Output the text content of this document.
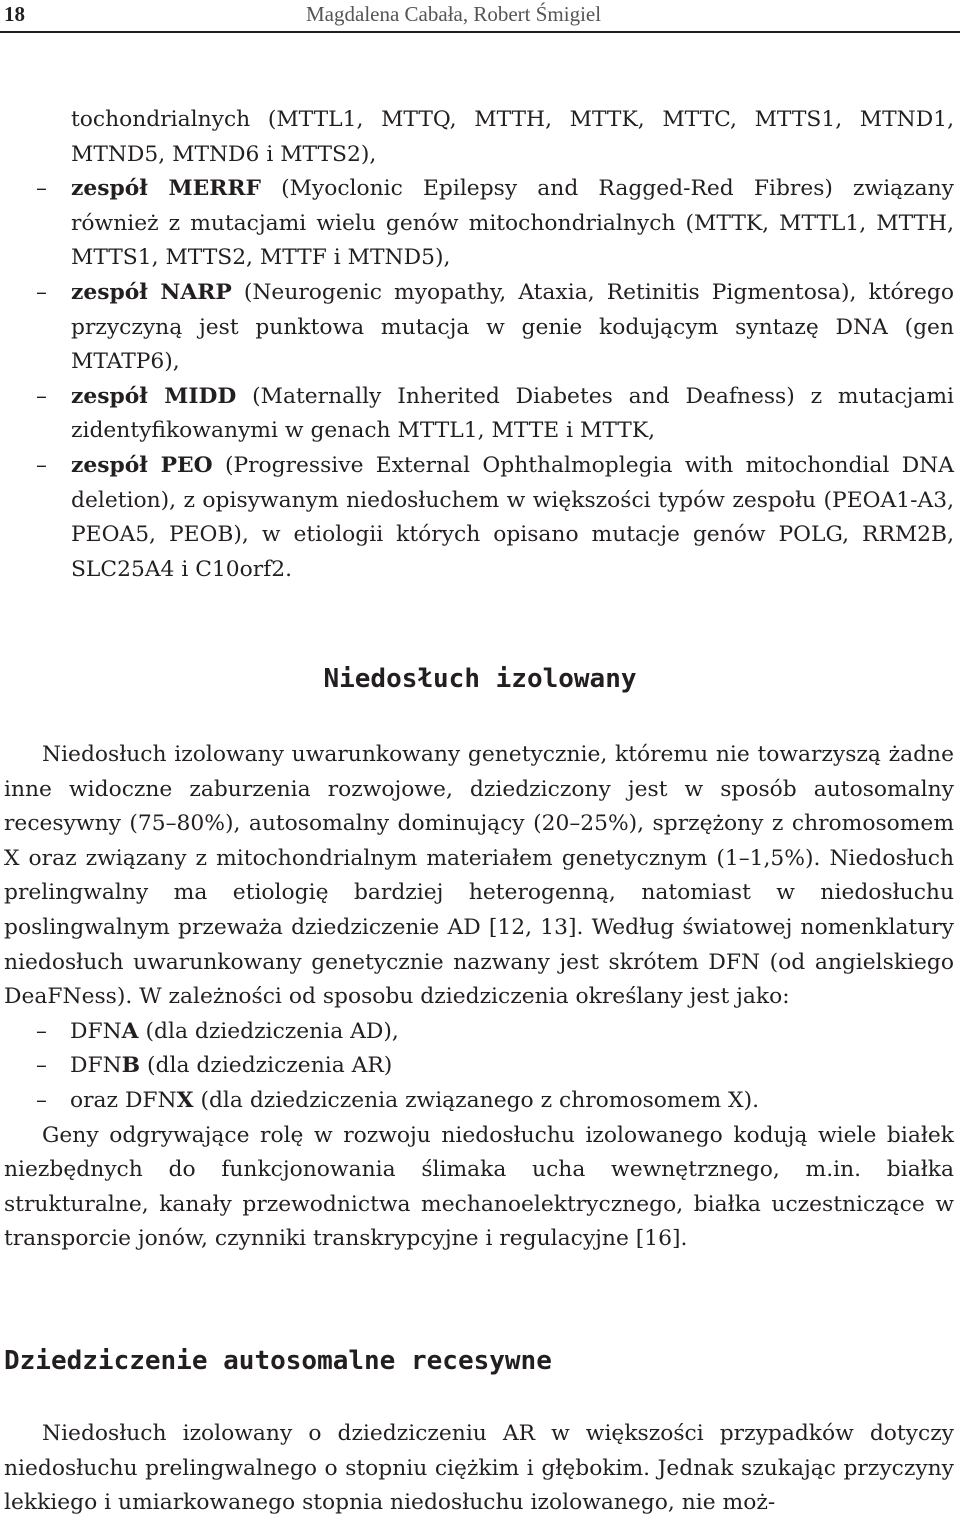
18	Magdalena Cabała, Robert Śmigiel

tochondrialnych (MTTL1, MTTQ, MTTH, MTTK, MTTC, MTTS1, MTND1, MTND5, MTND6 i MTTS2),

– zespół MERRF (Myoclonic Epilepsy and Ragged-Red Fibres) związany również z mutacjami wielu genów mitochondrialnych (MTTK, MTTL1, MTTH, MTTS1, MTTS2, MTTF i MTND5),
– zespół NARP (Neurogenic myopathy, Ataxia, Retinitis Pigmentosa), którego przyczyną jest punktowa mutacja w genie kodującym syntazę DNA (gen MTATP6),
– zespół MIDD (Maternally Inherited Diabetes and Deafness) z mutacjami zidentyfikowanymi w genach MTTL1, MTTE i MTTK,
– zespół PEO (Progressive External Ophthalmoplegia with mitochondial DNA deletion), z opisywanym niedosłuchem w większości typów zespołu (PEOA1-A3, PEOA5, PEOB), w etiologii których opisano mutacje genów POLG, RRM2B, SLC25A4 i C10orf2.
Niedosłuch izolowany

Niedosłuch izolowany uwarunkowany genetycznie, któremu nie towarzyszą żadne inne widoczne zaburzenia rozwojowe, dziedziczony jest w sposób autosomalny recesywny (75–80%), autosomalny dominujący (20–25%), sprzężony z chromosomem X oraz związany z mitochondrialnym materiałem genetycznym (1–1,5%). Niedosłuch prelingwalny ma etiologię bardziej heterogenną, natomiast w niedosłuchu poslingwalnym przeważa dziedziczenie AD [12, 13]. Według światowej nomenklatury niedosłuch uwarunkowany genetycznie nazwany jest skrótem DFN (od angielskiego DeaFNess). W zależności od sposobu dziedziczenia określany jest jako:

– DFNA (dla dziedziczenia AD),
– DFNB (dla dziedziczenia AR)
– oraz DFNX (dla dziedziczenia związanego z chromosomem X).

Geny odgrywające rolę w rozwoju niedosłuchu izolowanego kodują wiele białek niezbędnych do funkcjonowania ślimaka ucha wewnętrznego, m.in. białka strukturalne, kanały przewodnictwa mechanoelektrycznego, białka uczestniczące w transporcie jonów, czynniki transkrypcyjne i regulacyjne [16].

Dziedziczenie autosomalne recesywne

Niedosłuch izolowany o dziedziczeniu AR w większości przypadków dotyczy niedosłuchu prelingwalnego o stopniu ciężkim i głębokim. Jednak szukając przyczyny lekkiego i umiarkowanego stopnia niedosłuchu izolowanego, nie moż-
